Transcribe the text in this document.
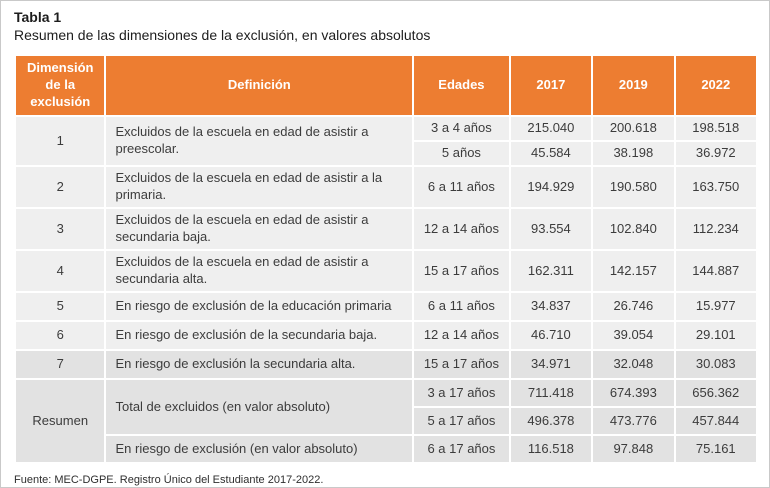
Tabla 1
Resumen de las dimensiones de la exclusión, en valores absolutos
Dimensión de la exclusión	Definición	Edades	2017	2019	2022
1	Excluidos de la escuela en edad de asistir a preescolar.	3 a 4 años	215.040	200.618	198.518
		5 años	45.584	38.198	36.972
2	Excluidos de la escuela en edad de asistir a la primaria.	6 a 11 años	194.929	190.580	163.750
3	Excluidos de la escuela en edad de asistir a secundaria baja.	12 a 14 años	93.554	102.840	112.234
4	Excluidos de la escuela en edad de asistir a secundaria alta.	15 a 17 años	162.311	142.157	144.887
5	En riesgo de exclusión de la educación primaria	6 a 11 años	34.837	26.746	15.977
6	En riesgo de exclusión de la secundaria baja.	12 a 14 años	46.710	39.054	29.101
7	En riesgo de exclusión la secundaria alta.	15 a 17 años	34.971	32.048	30.083
Resumen	Total de excluidos (en valor absoluto)	3 a 17 años	711.418	674.393	656.362
		5 a 17 años	496.378	473.776	457.844
	En riesgo de exclusión (en valor absoluto)	6 a 17 años	116.518	97.848	75.161
Fuente: MEC-DGPE. Registro Único del Estudiante 2017-2022.
